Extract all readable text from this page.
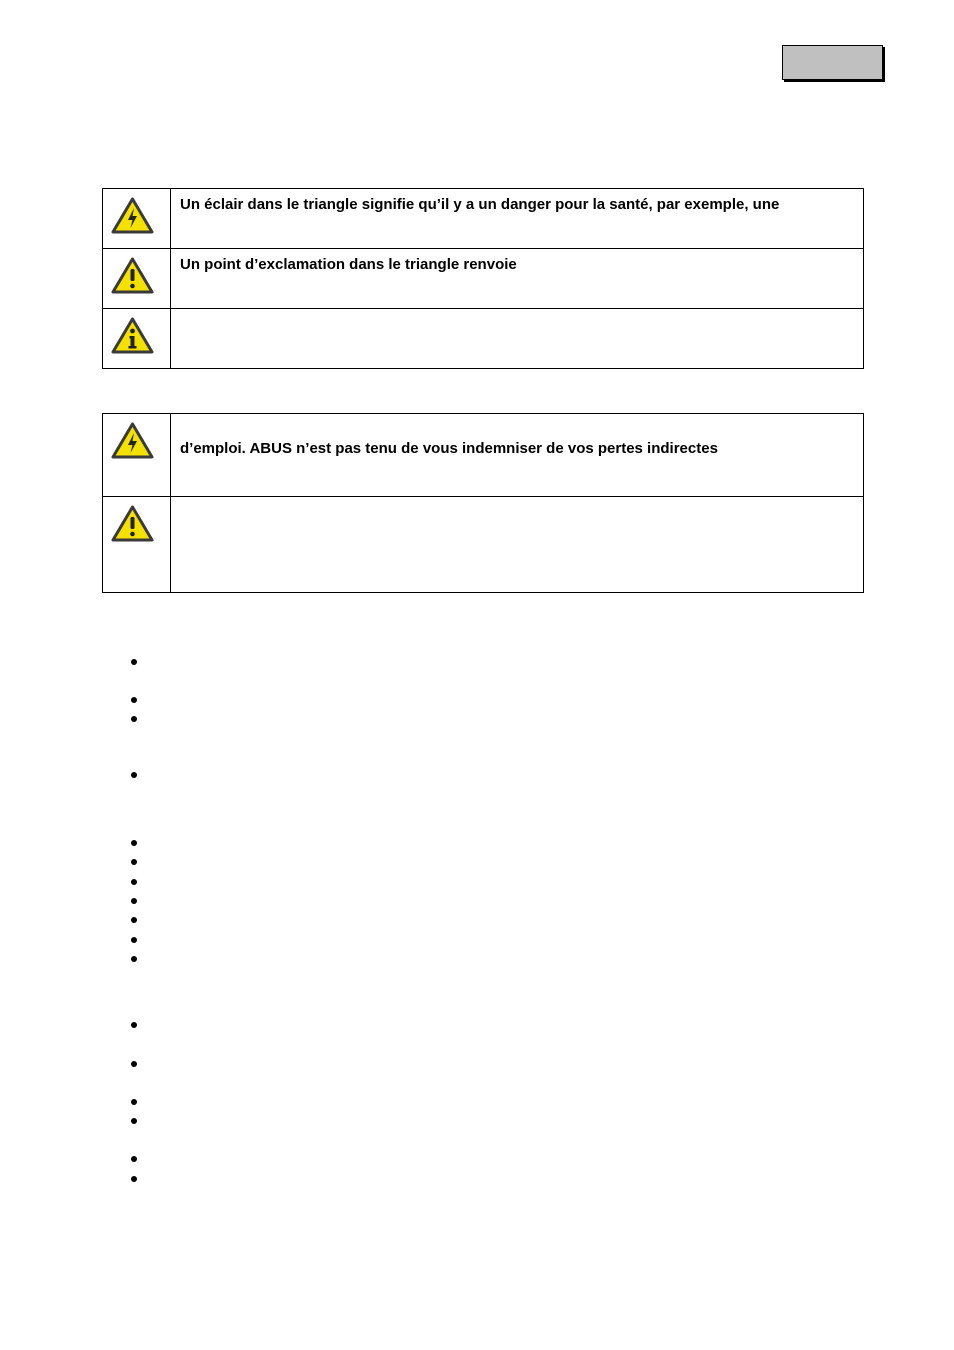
	Un éclair dans le triangle signifie qu’il y a un danger pour la santé, par exemple, une

	Un point d’exclamation dans le triangle renvoie

	d’emploi. ABUS n’est pas tenu de vous indemniser de vos pertes indirectes
